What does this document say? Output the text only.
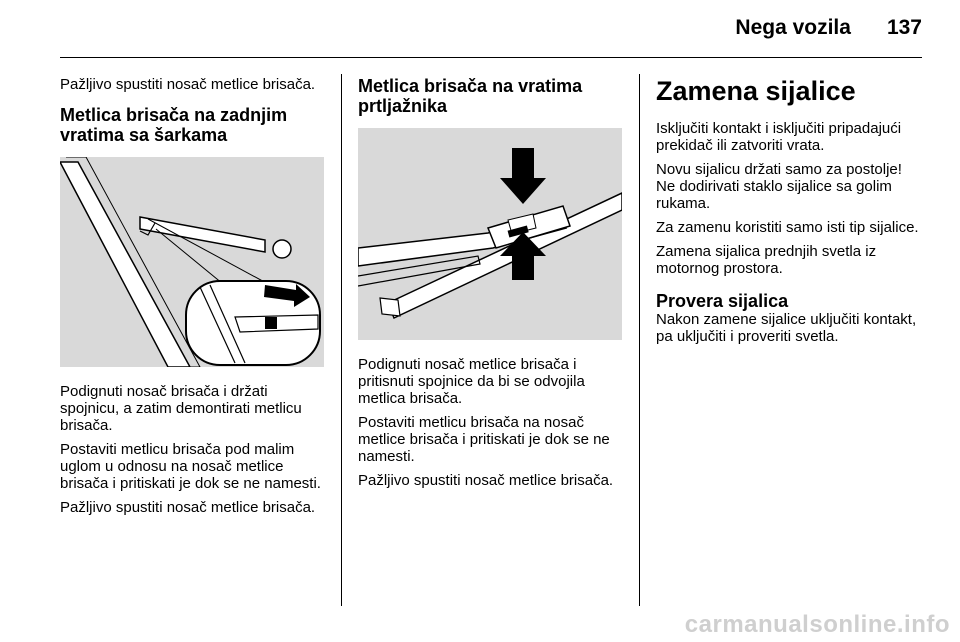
Nega vozila 137

Pažljivo spustiti nosač metlice brisača.

Metlica brisača na zadnjim vratima sa šarkama

Podignuti nosač brisača i držati spojnicu, a zatim demontirati metlicu brisača.

Postaviti metlicu brisača pod malim uglom u odnosu na nosač metlice brisača i pritiskati je dok se ne namesti.

Pažljivo spustiti nosač metlice brisača.

Metlica brisača na vratima prtljažnika

Podignuti nosač metlice brisača i pritisnuti spojnice da bi se odvojila metlica brisača.

Postaviti metlicu brisača na nosač metlice brisača i pritiskati je dok se ne namesti.

Pažljivo spustiti nosač metlice brisača.

Zamena sijalice

Isključiti kontakt i isključiti pripadajući prekidač ili zatvoriti vrata.

Novu sijalicu držati samo za postolje! Ne dodirivati staklo sijalice sa golim rukama.

Za zamenu koristiti samo isti tip sijalice.

Zamena sijalica prednjih svetla iz motornog prostora.

Provera sijalica

Nakon zamene sijalice uključiti kontakt, pa uključiti i proveriti svetla.

carmanualsonline.info
